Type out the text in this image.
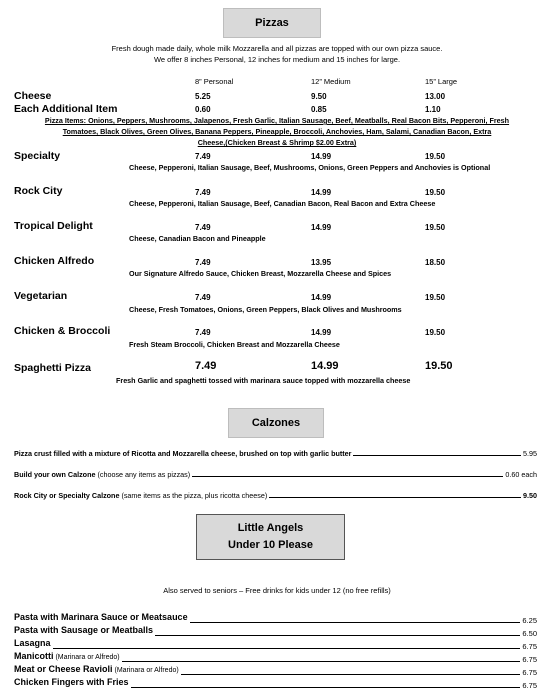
Pizzas
Fresh dough made daily, whole milk Mozzarella and all pizzas are topped with our own pizza sauce.
We offer 8 inches Personal, 12 inches for medium and 15 inches for large.
8” Personal	12” Medium	15” Large
Cheese	5.25	9.50	13.00
Each Additional Item	0.60	0.85	1.10
Pizza Items: Onions, Peppers, Mushrooms, Jalapenos, Fresh Garlic, Italian Sausage, Beef, Meatballs, Real Bacon Bits, Pepperoni, Fresh
Tomatoes, Black Olives, Green Olives, Banana Peppers, Pineapple, Broccoli, Anchovies, Ham, Salami, Canadian Bacon, Extra
Cheese,(Chicken Breast & Shrimp $2.00 Extra)
Specialty	7.49	14.99	19.50
Cheese, Pepperoni, Italian Sausage, Beef, Mushrooms, Onions, Green Peppers and Anchovies is Optional
Rock City	7.49	14.99	19.50
Cheese, Pepperoni, Italian Sausage, Beef, Canadian Bacon, Real Bacon and Extra Cheese
Tropical Delight	7.49	14.99	19.50
Cheese, Canadian Bacon and Pineapple
Chicken Alfredo	7.49	13.95	18.50
Our Signature Alfredo Sauce, Chicken Breast, Mozzarella Cheese and Spices
Vegetarian	7.49	14.99	19.50
Cheese, Fresh Tomatoes, Onions, Green Peppers, Black Olives and Mushrooms
Chicken & Broccoli	7.49	14.99	19.50
Fresh Steam Broccoli, Chicken Breast and Mozzarella Cheese
Spaghetti Pizza	7.49	14.99	19.50
Fresh Garlic and spaghetti tossed with marinara sauce topped with mozzarella cheese
Calzones
Pizza crust filled with a mixture of Ricotta and Mozzarella cheese, brushed on top with garlic butter	5.95
Build your own Calzone (choose any items as pizzas)	0.60 each
Rock City or Specialty Calzone (same items as the pizza, plus ricotta cheese)	9.50
Little Angels
Under 10 Please
Also served to seniors – Free drinks for kids under 12 (no free refills)
Pasta with Marinara Sauce or Meatsauce	6.25
Pasta with Sausage or Meatballs	6.50
Lasagna	6.75
Manicotti (Marinara or Alfredo)	6.75
Meat or Cheese Ravioli (Marinara or Alfredo)	6.75
Chicken Fingers with Fries	6.75
